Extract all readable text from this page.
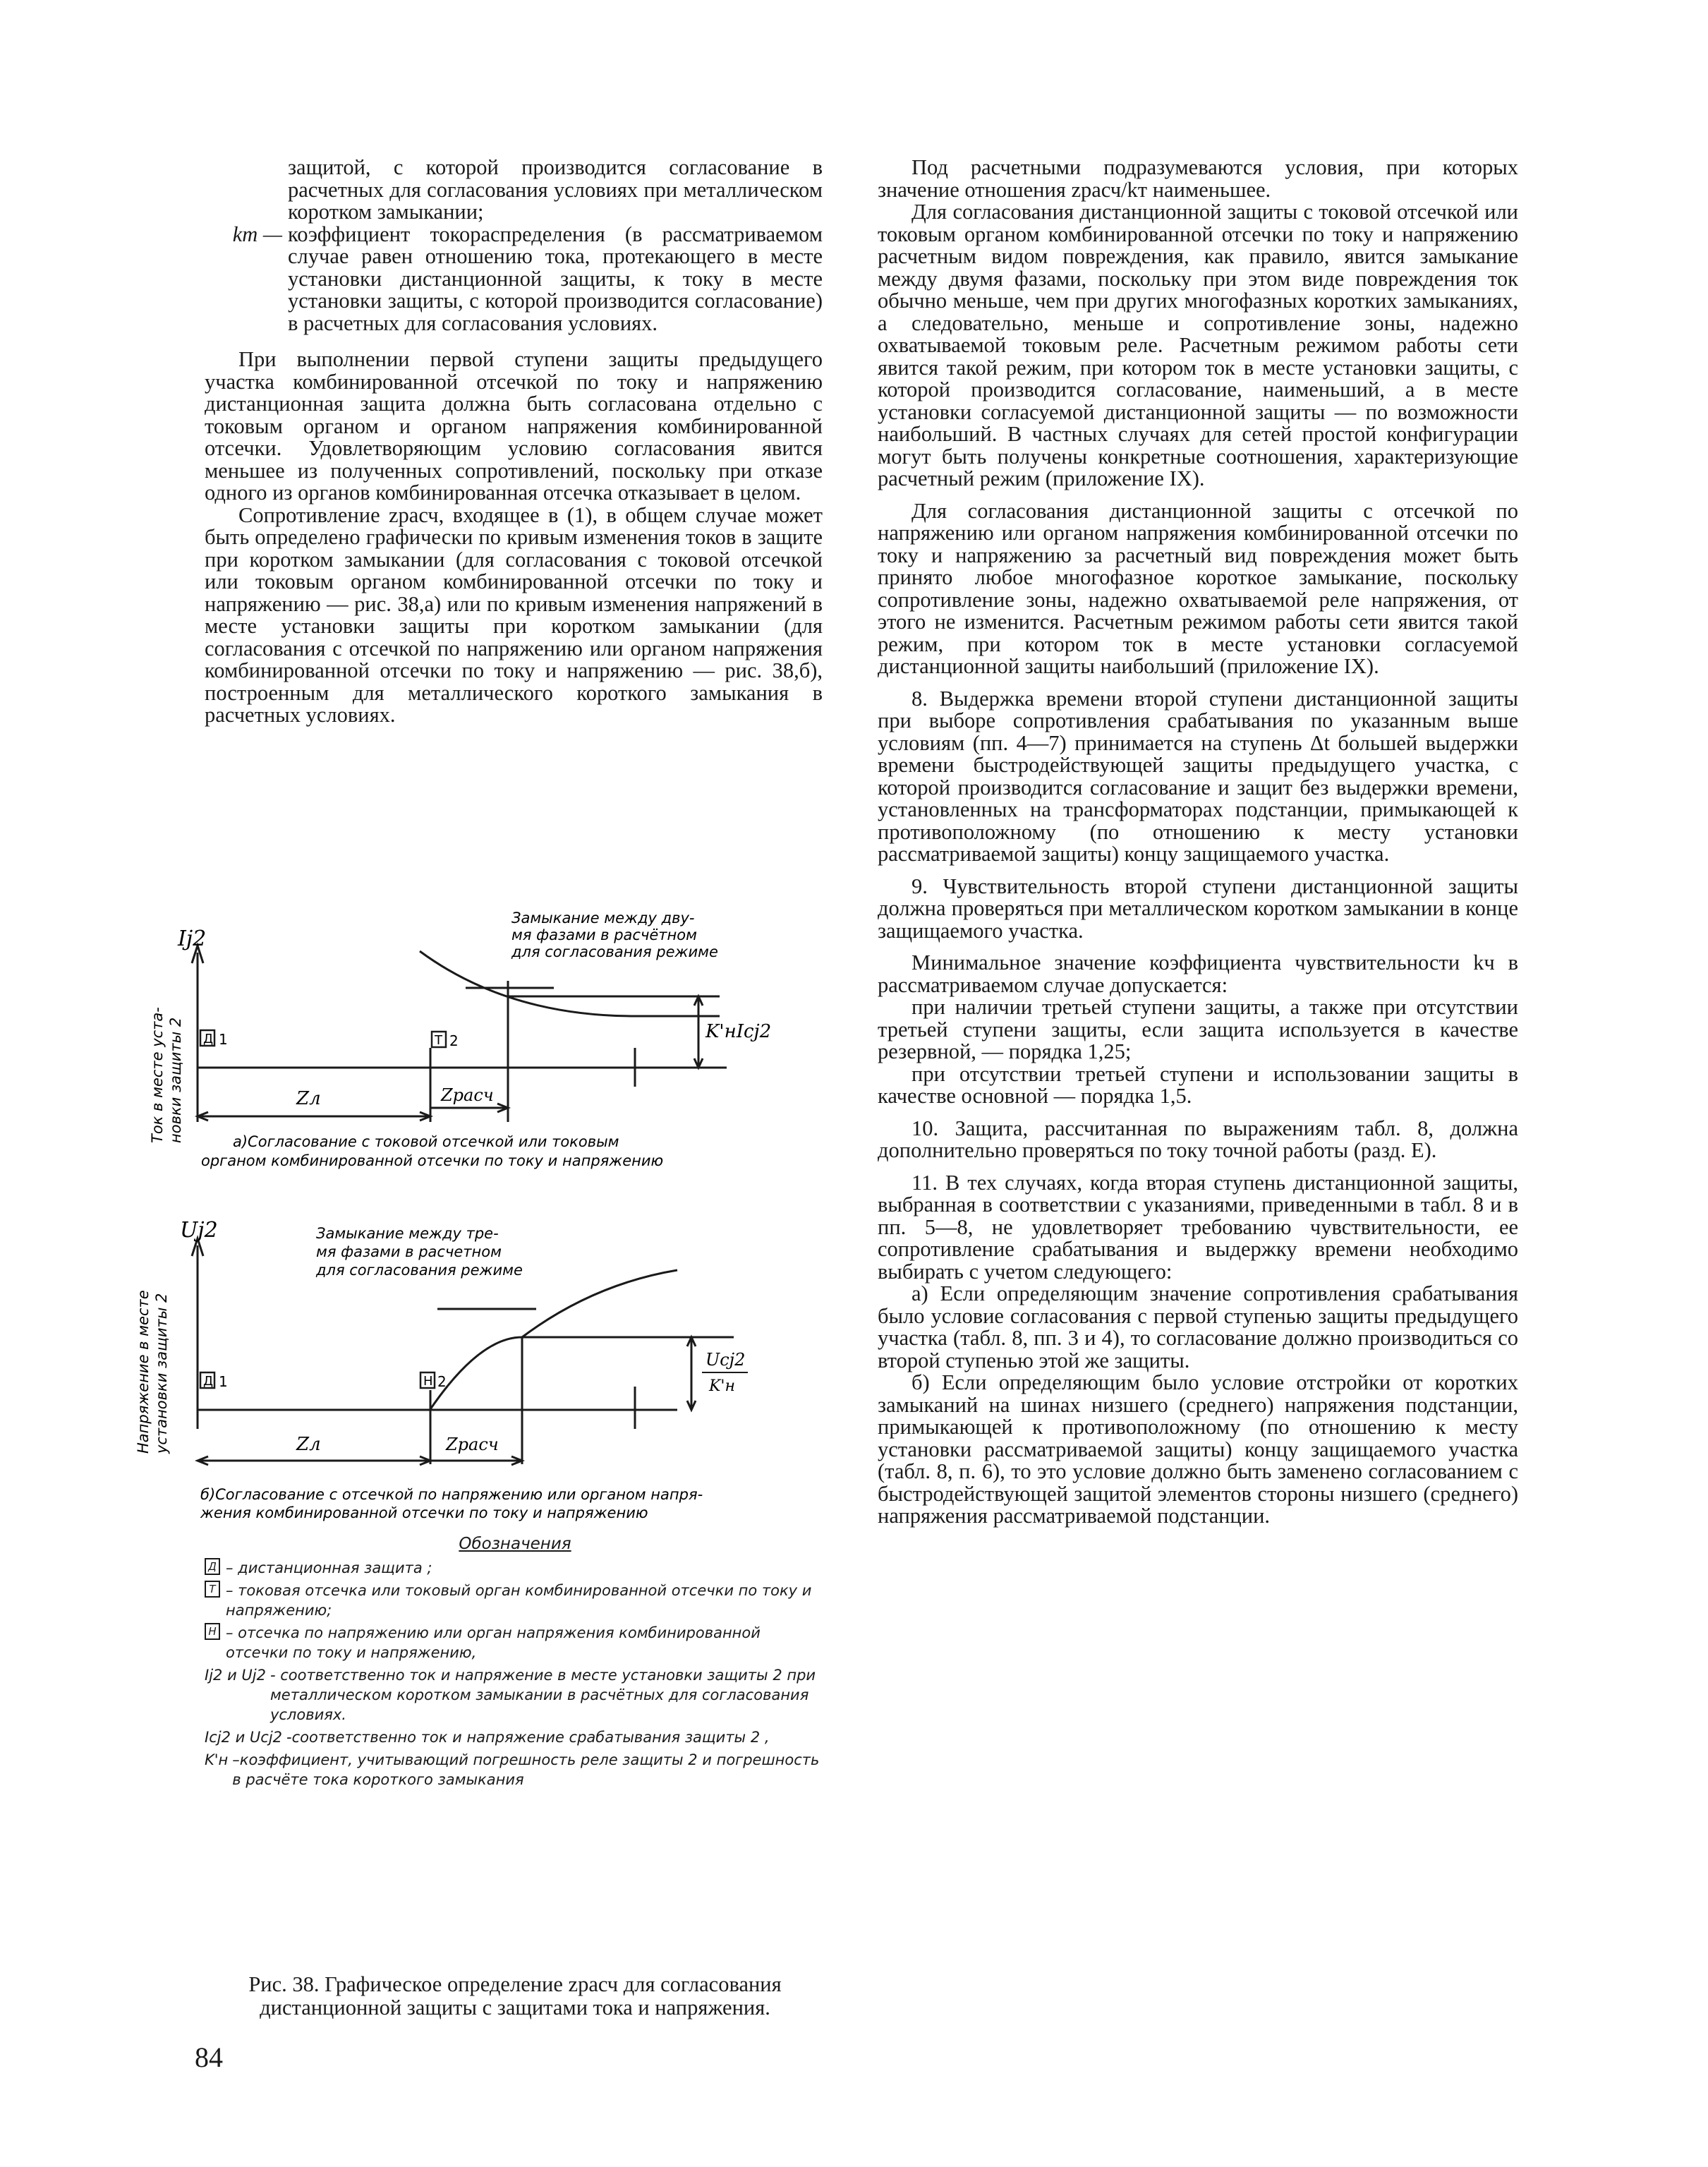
защитой, с которой производится согласование в расчетных для согласования условиях при металлическом коротком замыкании;
kт — коэффициент токораспределения (в рассматриваемом случае равен отношению тока, протекающего в месте установки дистанционной защиты, к току в месте установки защиты, с которой производится согласование) в расчетных для согласования условиях.

При выполнении первой ступени защиты предыдущего участка комбинированной отсечкой по току и напряжению дистанционная защита должна быть согласована отдельно с токовым органом и органом напряжения комбинированной отсечки. Удовлетворяющим условию согласования явится меньшее из полученных сопротивлений, поскольку при отказе одного из органов комбинированная отсечка отказывает в целом.

Сопротивление zрасч, входящее в (1), в общем случае может быть определено графически по кривым изменения токов в защите при коротком замыкании (для согласования с токовой отсечкой или токовым органом комбинированной отсечки по току и напряжению — рис. 38,а) или по кривым изменения напряжений в месте установки защиты при коротком замыкании (для согласования с отсечкой по напряжению или органом напряжения комбинированной отсечки по току и напряжению — рис. 38,б), построенным для металлического короткого замыкания в расчетных условиях.

Д 1	Т 2
Iј2
Замыкание между дву-
мя фазами в расчётном
для согласования режиме
K'нIсј2
Zл	Zрасч
Ток в месте уста- новки защиты 2	а)Согласование с токовой отсечкой или токовым
органом комбинированной отсечки по току и напряжению
Д 1	Н 2
Uј2	Замыкание между тре-
мя фазами в расчетном
для согласования режиме
Ucј2
K'н
Zл	Zрасч
Напряжение в месте установки защиты 2
б)Согласование с отсечкой по напряжению или органом напря-
жения комбинированной отсечки по току и напряжению
Обозначения
Д – дистанционная защита ;
Т – токовая отсечка или токовый орган комбинированной отсечки по току и напряжению;
Н – отсечка по напряжению или орган напряжения комбинированной отсечки по току и напряжению,
Iј2 и Uј2 - соответственно ток и напряжение в месте установки защиты 2 при металлическом коротком замыкании в расчётных для согласования условиях.
Icј2 и Ucј2 -соответственно ток и напряжение срабатывания защиты 2 ,
K'н –коэффициент, учитывающий погрешность реле защиты 2 и погрешность в расчёте тока короткого замыкания
Рис. 38. Графическое определение zрасч для согласования дистанционной защиты с защитами тока и напряжения.
84

Под расчетными подразумеваются условия, при которых значение отношения zрасч/kт наименьшее.

Для согласования дистанционной защиты с токовой отсечкой или токовым органом комбинированной отсечки по току и напряжению расчетным видом повреждения, как правило, явится замыкание между двумя фазами, поскольку при этом виде повреждения ток обычно меньше, чем при других многофазных коротких замыканиях, а следовательно, меньше и сопротивление зоны, надежно охватываемой токовым реле. Расчетным режимом работы сети явится такой режим, при котором ток в месте установки защиты, с которой производится согласование, наименьший, а в месте установки согласуемой дистанционной защиты — по возможности наибольший. В частных случаях для сетей простой конфигурации могут быть получены конкретные соотношения, характеризующие расчетный режим (приложение IX).

Для согласования дистанционной защиты с отсечкой по напряжению или органом напряжения комбинированной отсечки по току и напряжению за расчетный вид повреждения может быть принято любое многофазное короткое замыкание, поскольку сопротивление зоны, надежно охватываемой реле напряжения, от этого не изменится. Расчетным режимом работы сети явится такой режим, при котором ток в месте установки согласуемой дистанционной защиты наибольший (приложение IX).

8. Выдержка времени второй ступени дистанционной защиты при выборе сопротивления срабатывания по указанным выше условиям (пп. 4—7) принимается на ступень Δt большей выдержки времени быстродействующей защиты предыдущего участка, с которой производится согласование и защит без выдержки времени, установленных на трансформаторах подстанции, примыкающей к противоположному (по отношению к месту установки рассматриваемой защиты) концу защищаемого участка.

9. Чувствительность второй ступени дистанционной защиты должна проверяться при металлическом коротком замыкании в конце защищаемого участка.

Минимальное значение коэффициента чувствительности kч в рассматриваемом случае допускается:

при наличии третьей ступени защиты, а также при отсутствии третьей ступени защиты, если защита используется в качестве резервной, — порядка 1,25;

при отсутствии третьей ступени и использовании защиты в качестве основной — порядка 1,5.

10. Защита, рассчитанная по выражениям табл. 8, должна дополнительно проверяться по току точной работы (разд. Е).

11. В тех случаях, когда вторая ступень дистанционной защиты, выбранная в соответствии с указаниями, приведенными в табл. 8 и в пп. 5—8, не удовлетворяет требованию чувствительности, ее сопротивление срабатывания и выдержку времени необходимо выбирать с учетом следующего:

а) Если определяющим значение сопротивления срабатывания было условие согласования с первой ступенью защиты предыдущего участка (табл. 8, пп. 3 и 4), то согласование должно производиться со второй ступенью этой же защиты.

б) Если определяющим было условие отстройки от коротких замыканий на шинах низшего (среднего) напряжения подстанции, примыкающей к противоположному (по отношению к месту установки рассматриваемой защиты) концу защищаемого участка (табл. 8, п. 6), то это условие должно быть заменено согласованием с быстродействующей защитой элементов стороны низшего (среднего) напряжения рассматриваемой подстанции.
